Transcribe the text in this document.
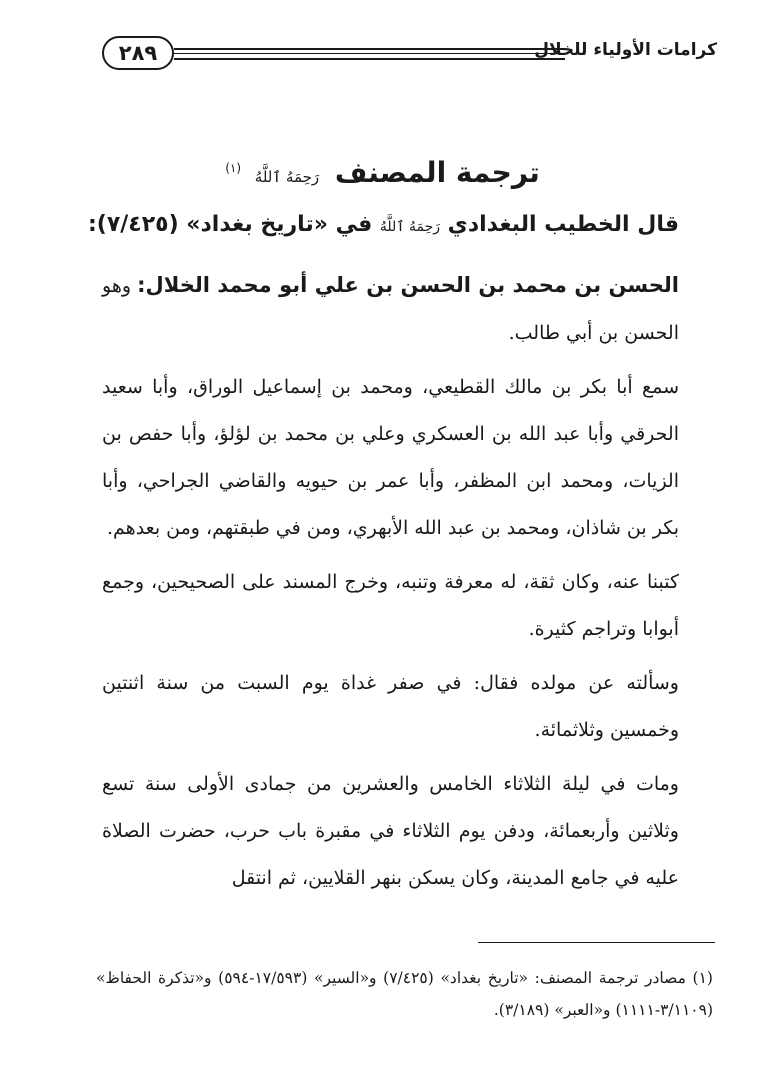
كرامات الأولياء للخلال
٢٨٩
ترجمة المصنف رَحِمَهُ ٱللَّهُ $^{(١)}$
قال الخطيب البغدادي رَحِمَهُ ٱللَّهُ في «تاريخ بغداد» (٧/٤٢٥):

الحسن بن محمد بن الحسن بن علي أبو محمد الخلال: وهو الحسن بن أبي طالب.

سمع أبا بكر بن مالك القطيعي، ومحمد بن إسماعيل الوراق، وأبا سعيد الحرقي وأبا عبد الله بن العسكري وعلي بن محمد بن لؤلؤ، وأبا حفص بن الزيات، ومحمد ابن المظفر، وأبا عمر بن حيويه والقاضي الجراحي، وأبا بكر بن شاذان، ومحمد بن عبد الله الأبهري، ومن في طبقتهم، ومن بعدهم.

كتبنا عنه، وكان ثقة، له معرفة وتنبه، وخرج المسند على الصحيحين، وجمع أبوابا وتراجم كثيرة.

وسألته عن مولده فقال: في صفر غداة يوم السبت من سنة اثنتين وخمسين وثلاثمائة.

ومات في ليلة الثلاثاء الخامس والعشرين من جمادى الأولى سنة تسع وثلاثين وأربعمائة، ودفن يوم الثلاثاء في مقبرة باب حرب، حضرت الصلاة عليه في جامع المدينة، وكان يسكن بنهر القلايين، ثم انتقل

(١) مصادر ترجمة المصنف: «تاريخ بغداد» (٧/٤٢٥) و«السير» (١٧/٥٩٣-٥٩٤) و«تذكرة الحفاظ» (٣/١١٠٩-١١١١) و«العبر» (٣/١٨٩).
